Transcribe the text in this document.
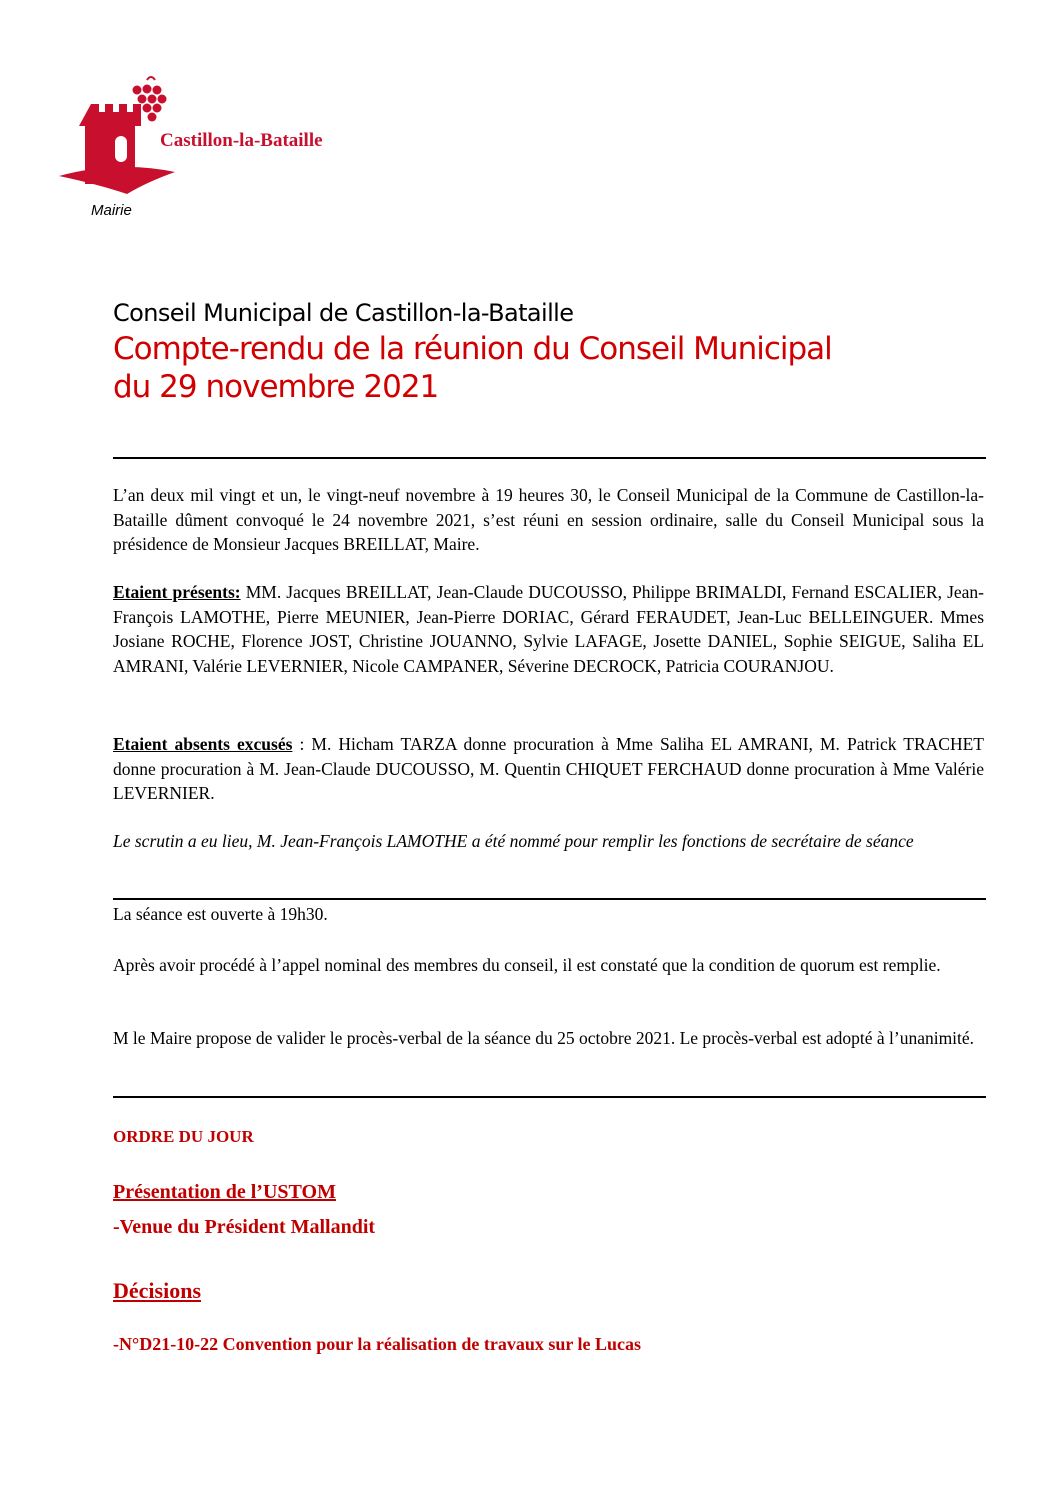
Castillon-la-Bataille
Mairie
Conseil Municipal de Castillon-la-Bataille
Compte-rendu de la réunion du Conseil Municipal
du 29 novembre 2021
L’an deux mil vingt et un, le vingt-neuf novembre à 19 heures 30, le Conseil Municipal de la Commune de Castillon-la-Bataille dûment convoqué le 24 novembre 2021, s’est réuni en session ordinaire, salle du Conseil Municipal sous la présidence de Monsieur Jacques BREILLAT, Maire.
Etaient présents: MM. Jacques BREILLAT, Jean-Claude DUCOUSSO, Philippe BRIMALDI, Fernand ESCALIER, Jean-François LAMOTHE, Pierre MEUNIER, Jean-Pierre DORIAC, Gérard FERAUDET, Jean-Luc BELLEINGUER. Mmes Josiane ROCHE, Florence JOST, Christine JOUANNO, Sylvie LAFAGE, Josette DANIEL, Sophie SEIGUE, Saliha EL AMRANI, Valérie LEVERNIER, Nicole CAMPANER, Séverine DECROCK, Patricia COURANJOU.
Etaient absents excusés : M. Hicham TARZA donne procuration à Mme Saliha EL AMRANI, M. Patrick TRACHET donne procuration à M. Jean-Claude DUCOUSSO, M. Quentin CHIQUET FERCHAUD donne procuration à Mme Valérie LEVERNIER.
Le scrutin a eu lieu, M. Jean-François LAMOTHE a été nommé pour remplir les fonctions de secrétaire de séance
La séance est ouverte à 19h30.
Après avoir procédé à l’appel nominal des membres du conseil, il est constaté que la condition de quorum est remplie.
M le Maire propose de valider le procès-verbal de la séance du 25 octobre 2021. Le procès-verbal est adopté à l’unanimité.
ORDRE DU JOUR
Présentation de l’USTOM
-Venue du Président Mallandit
Décisions
-N°D21-10-22 Convention pour la réalisation de travaux sur le Lucas
